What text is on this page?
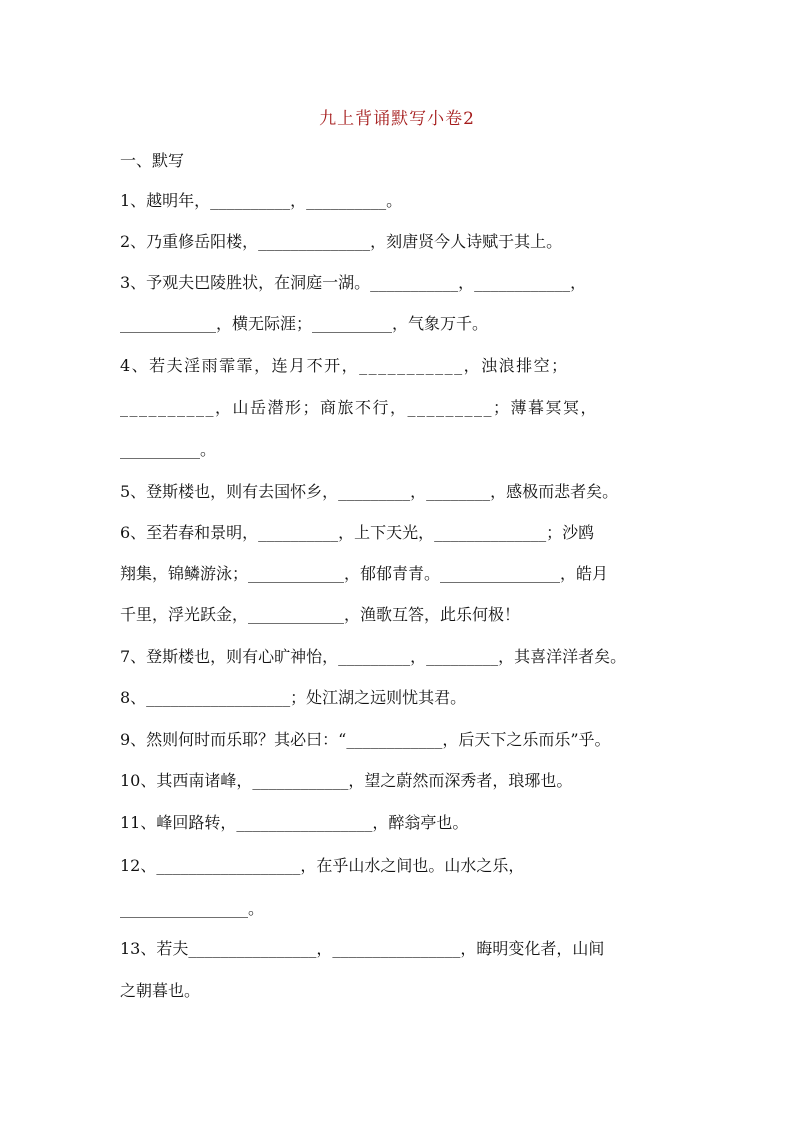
九上背诵默写小卷2
一、默写
1、越明年，__________，__________。
2、乃重修岳阳楼，______________，刻唐贤今人诗赋于其上。
3、予观夫巴陵胜状，在洞庭一湖。___________，____________，
____________，横无际涯；__________，气象万千。
4、若夫淫雨霏霏，连月不开，___________，浊浪排空；
__________，山岳潜形；商旅不行，_________；薄暮冥冥，
__________。
5、登斯楼也，则有去国怀乡，_________，________，感极而悲者矣。
6、至若春和景明，__________，上下天光，______________；沙鸥
翔集，锦鳞游泳；____________，郁郁青青。_______________，皓月
千里，浮光跃金，____________，渔歌互答，此乐何极！
7、登斯楼也，则有心旷神怡，_________，_________，其喜洋洋者矣。
8、__________________；处江湖之远则忧其君。
9、然则何时而乐耶？其必曰：“____________，后天下之乐而乐”乎。
10、其西南诸峰，____________，望之蔚然而深秀者，琅琊也。
11、峰回路转，_________________，醉翁亭也。
12、__________________，在乎山水之间也。山水之乐，
________________。
13、若夫________________，________________，晦明变化者，山间
之朝暮也。
